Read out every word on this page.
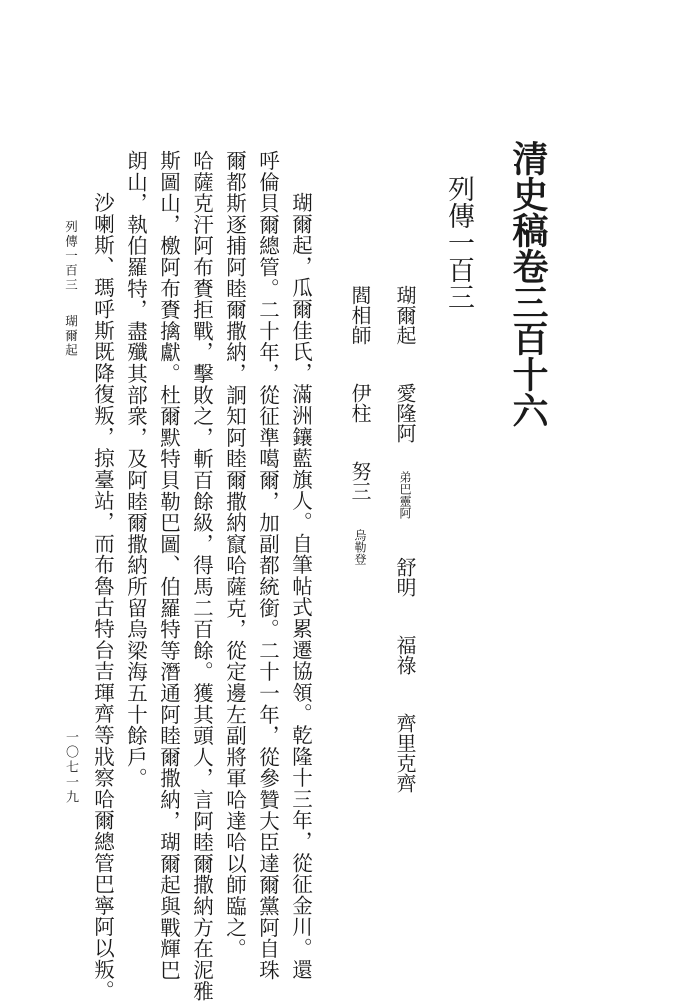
清史稿卷三百十六
列傳一百三
瑚爾起 愛隆阿 弟巴靈阿 舒明 福祿 齊里克齊
閻相師 伊柱 努三 烏勒登
瑚爾起，瓜爾佳氏，滿洲鑲藍旗人。自筆帖式累遷協領。乾隆十三年，從征金川。還
呼倫貝爾總管。二十年，從征準噶爾，加副都統銜。二十一年，從參贊大臣達爾黨阿自珠
爾都斯逐捕阿睦爾撒納，詗知阿睦爾撒納竄哈薩克，從定邊左副將軍哈達哈以師臨之。
哈薩克汗阿布賚拒戰，擊敗之，斬百餘級，得馬二百餘。獲其頭人，言阿睦爾撒納方在泥雅
斯圖山，檄阿布賚擒獻。杜爾默特貝勒巴圖、伯羅特等潛通阿睦爾撒納，瑚爾起與戰輝巴
朗山，執伯羅特，盡殲其部衆，及阿睦爾撒納所留烏梁海五十餘戶。
沙喇斯、瑪呼斯既降復叛，掠臺站，而布魯古特台吉琿齊等戕察哈爾總管巴寧阿以叛。
列傳一百三瑚爾起
一〇七一九
